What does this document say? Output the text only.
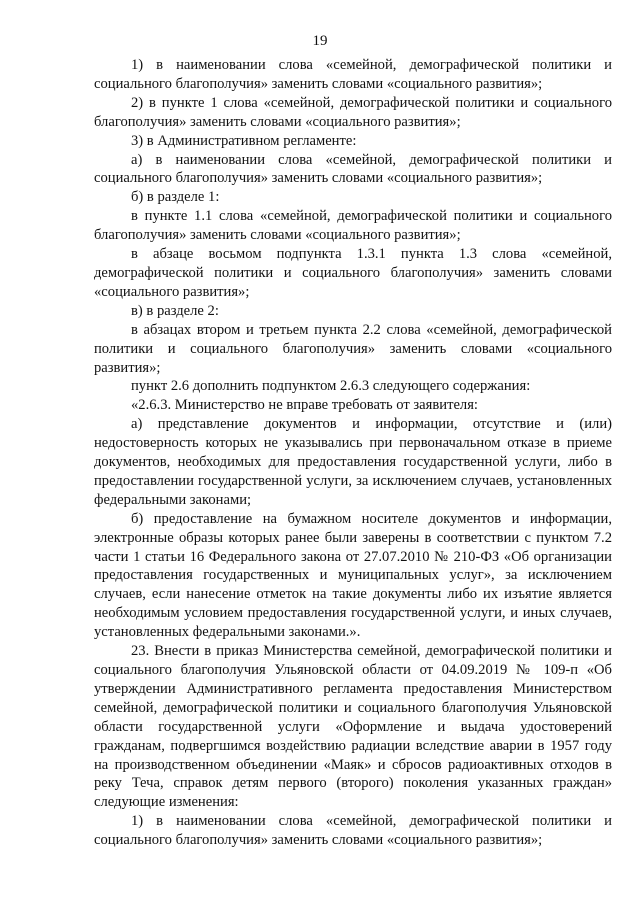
19

1) в наименовании слова «семейной, демографической политики и социального благополучия» заменить словами «социального развития»;

2) в пункте 1 слова «семейной, демографической политики и социального благополучия» заменить словами «социального развития»;

3) в Административном регламенте:

а) в наименовании слова «семейной, демографической политики и социального благополучия» заменить словами «социального развития»;

б) в разделе 1:

в пункте 1.1 слова «семейной, демографической политики и социального благополучия» заменить словами «социального развития»;

в абзаце восьмом подпункта 1.3.1 пункта 1.3 слова «семейной, демографической политики и социального благополучия» заменить словами «социального развития»;

в) в разделе 2:

в абзацах втором и третьем пункта 2.2 слова «семейной, демографической политики и социального благополучия» заменить словами «социального развития»;

пункт 2.6 дополнить подпунктом 2.6.3 следующего содержания:

«2.6.3. Министерство не вправе требовать от заявителя:

а) представление документов и информации, отсутствие и (или) недостоверность которых не указывались при первоначальном отказе в приеме документов, необходимых для предоставления государственной услуги, либо в предоставлении государственной услуги, за исключением случаев, установленных федеральными законами;

б) предоставление на бумажном носителе документов и информации, электронные образы которых ранее были заверены в соответствии с пунктом 7.2 части 1 статьи 16 Федерального закона от 27.07.2010 № 210-ФЗ «Об организации предоставления государственных и муниципальных услуг», за исключением случаев, если нанесение отметок на такие документы либо их изъятие является необходимым условием предоставления государственной услуги, и иных случаев, установленных федеральными законами.».

23. Внести в приказ Министерства семейной, демографической политики и социального благополучия Ульяновской области от 04.09.2019 № 109-п «Об утверждении Административного регламента предоставления Министерством семейной, демографической политики и социального благополучия Ульяновской области государственной услуги «Оформление и выдача удостоверений гражданам, подвергшимся воздействию радиации вследствие аварии в 1957 году на производственном объединении «Маяк» и сбросов радиоактивных отходов в реку Теча, справок детям первого (второго) поколения указанных граждан» следующие изменения:

1) в наименовании слова «семейной, демографической политики и социального благополучия» заменить словами «социального развития»;
